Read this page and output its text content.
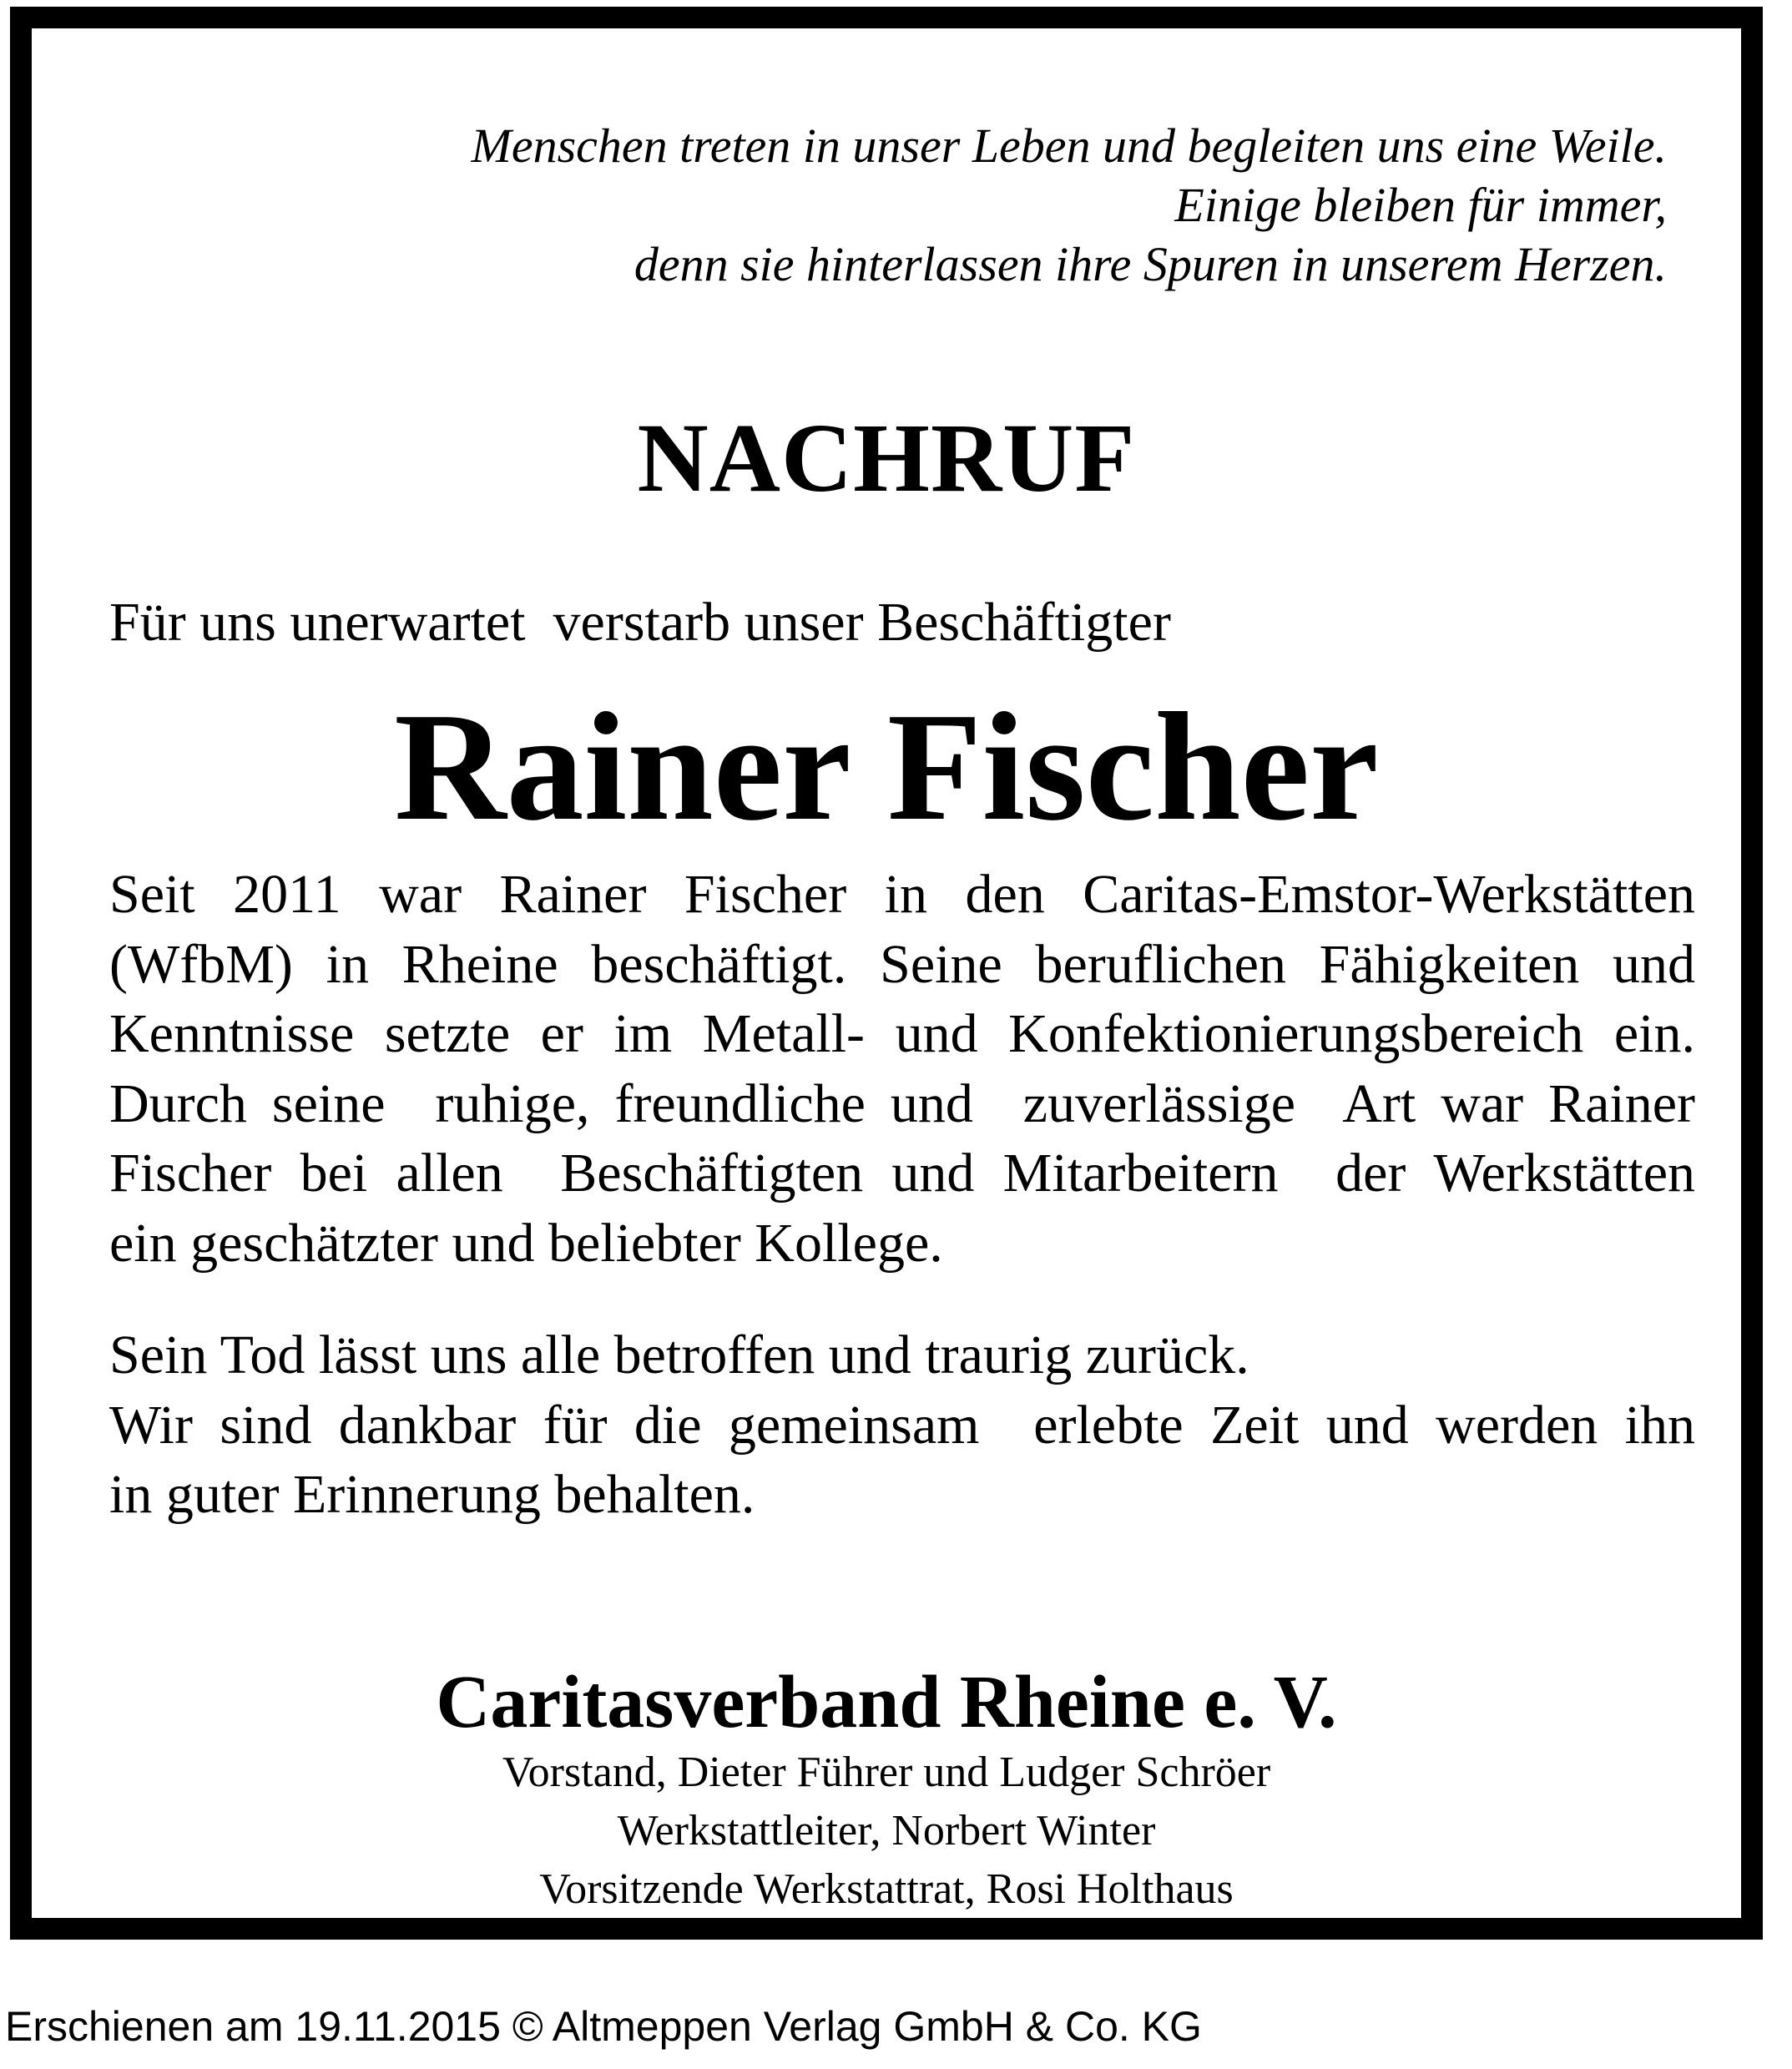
Menschen treten in unser Leben und begleiten uns eine Weile.
Einige bleiben für immer,
denn sie hinterlassen ihre Spuren in unserem Herzen.
NACHRUF
Für uns unerwartet  verstarb unser Beschäftigter
Rainer Fischer
Seit 2011 war Rainer Fischer in den Caritas-Emstor-Werkstätten
(WfbM) in Rheine beschäftigt. Seine beruflichen Fähigkeiten und
Kenntnisse setzte er im Metall- und Konfektionierungsbereich ein.
Durch seine  ruhige, freundliche und  zuverlässige  Art war Rainer
Fischer bei allen  Beschäftigten und Mitarbeitern  der Werkstätten
ein geschätzter und beliebter Kollege.
Sein Tod lässt uns alle betroffen und traurig zurück.
Wir sind dankbar für die gemeinsam  erlebte Zeit und werden ihn
in guter Erinnerung behalten.
Caritasverband Rheine e. V.
Vorstand, Dieter Führer und Ludger Schröer
Werkstattleiter, Norbert Winter
Vorsitzende Werkstattrat, Rosi Holthaus
Erschienen am 19.11.2015 © Altmeppen Verlag GmbH & Co. KG
